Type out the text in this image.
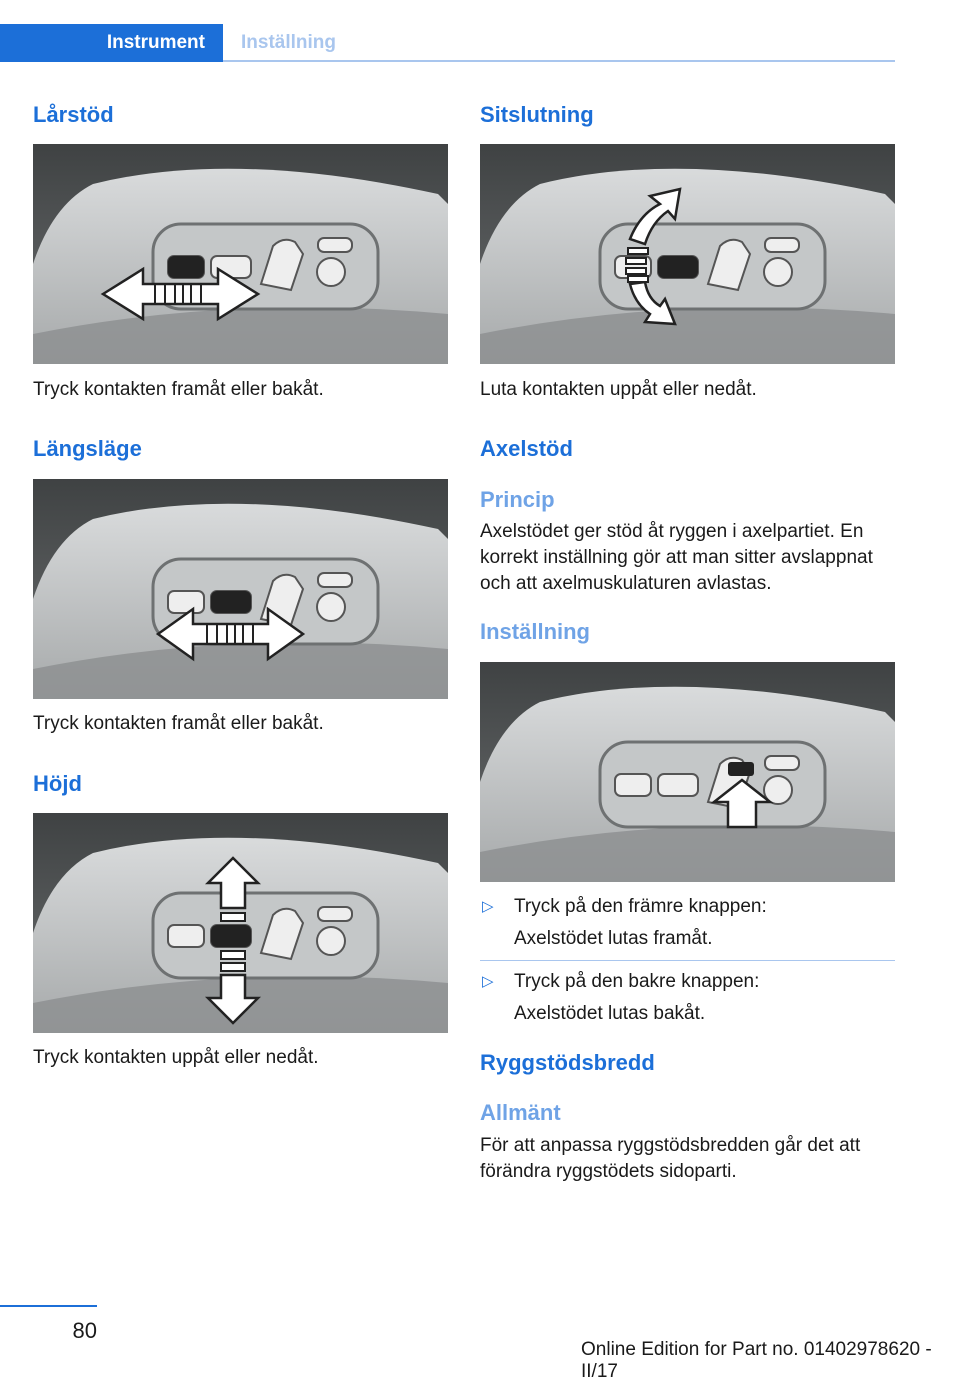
Instrument	Inställning
Lårstöd

Tryck kontakten framåt eller bakåt.

Längsläge

Tryck kontakten framåt eller bakåt.

Höjd

Tryck kontakten uppåt eller nedåt.

Sitslutning

Luta kontakten uppåt eller nedåt.

Axelstöd
Princip

Axelstödet ger stöd åt ryggen i axelpartiet. En korrekt inställning gör att man sitter avslappnat och att axelmuskulaturen avlastas.

Inställning
▷ Tryck på den främre knappen:
Axelstödet lutas framåt.
▷ Tryck på den bakre knappen:
Axelstödet lutas bakåt.
Ryggstödsbredd
Allmänt

För att anpassa ryggstödsbredden går det att förändra ryggstödets sidoparti.

80
Online Edition for Part no. 01402978620 - II/17
